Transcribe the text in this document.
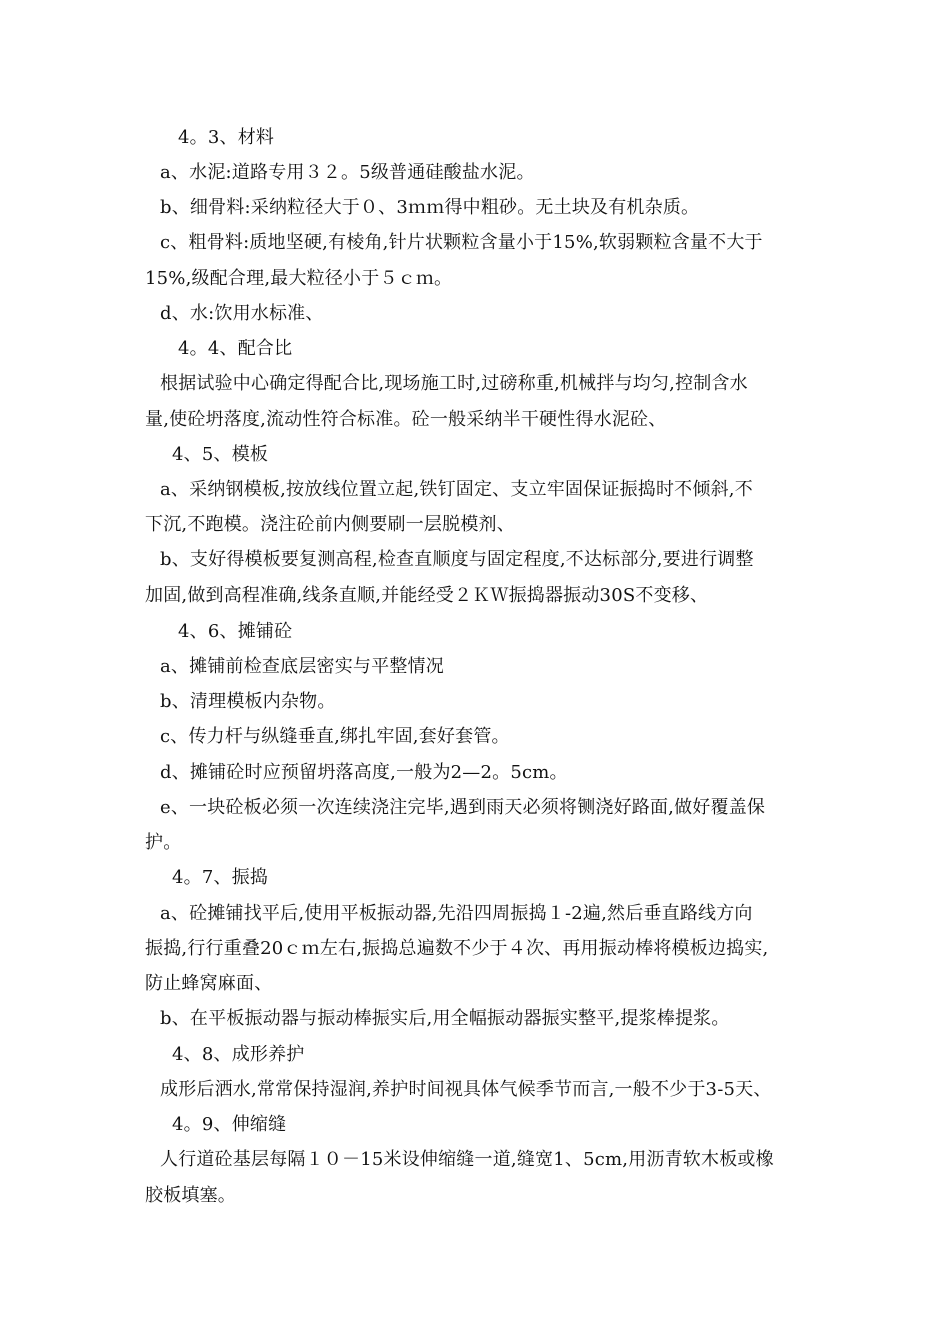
4。3、材料
a、水泥:道路专用３２。5级普通硅酸盐水泥。
b、细骨料:采纳粒径大于０、3ｍｍ得中粗砂。无土块及有机杂质。
c、粗骨料:质地坚硬,有棱角,针片状颗粒含量小于15%,软弱颗粒含量不大于
15%,级配合理,最大粒径小于５ｃｍ。
d、水:饮用水标准、
4。4、配合比
根据试验中心确定得配合比,现场施工时,过磅称重,机械拌与均匀,控制含水
量,使砼坍落度,流动性符合标准。砼一般采纳半干硬性得水泥砼、
4、5、模板
a、采纳钢模板,按放线位置立起,铁钉固定、支立牢固保证振捣时不倾斜,不
下沉,不跑模。浇注砼前内侧要刷一层脱模剂、
b、支好得模板要复测高程,检查直顺度与固定程度,不达标部分,要进行调整
加固,做到高程准确,线条直顺,并能经受２ＫＷ振捣器振动30S不变移、
4、6、摊铺砼
a、摊铺前检查底层密实与平整情况
b、清理模板内杂物。
c、传力杆与纵缝垂直,绑扎牢固,套好套管。
d、摊铺砼时应预留坍落高度,一般为2—2。5cm。
e、一块砼板必须一次连续浇注完毕,遇到雨天必须将铡浇好路面,做好覆盖保
护。
4。7、振捣
a、砼摊铺找平后,使用平板振动器,先沿四周振捣１-2遍,然后垂直路线方向
振捣,行行重叠20ｃｍ左右,振捣总遍数不少于４次、再用振动棒将模板边捣实,
防止蜂窝麻面、
b、在平板振动器与振动棒振实后,用全幅振动器振实整平,提浆棒提浆。
4、8、成形养护
成形后洒水,常常保持湿润,养护时间视具体气候季节而言,一般不少于3-5天、
4。9、伸缩缝
人行道砼基层每隔１０－15米设伸缩缝一道,缝宽1、5cm,用沥青软木板或橡
胶板填塞。
